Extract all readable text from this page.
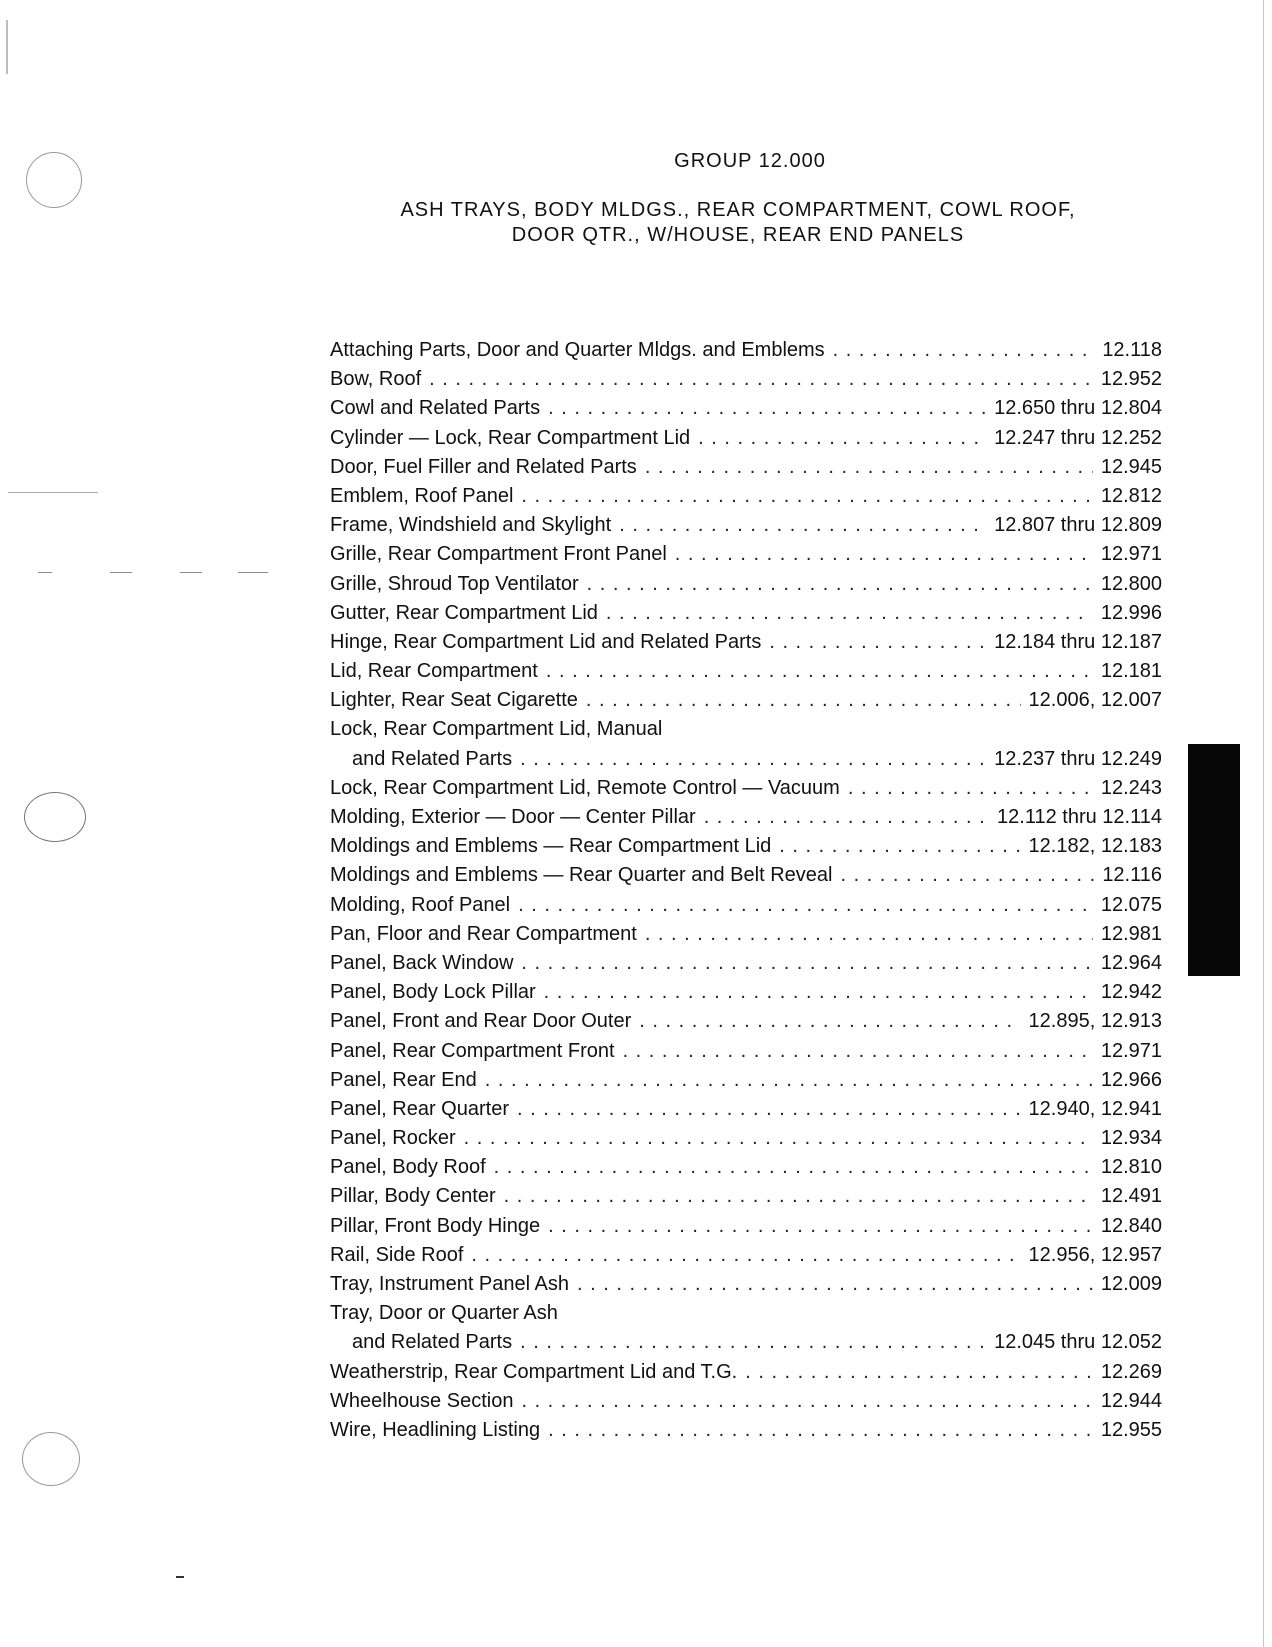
GROUP 12.000
ASH TRAYS, BODY MLDGS., REAR COMPARTMENT, COWL ROOF,
DOOR QTR., W/HOUSE, REAR END PANELS
Attaching Parts, Door and Quarter Mldgs. and Emblems . . .	12.118
Bow, Roof . . .	12.952
Cowl and Related Parts . . .	12.650 thru 12.804
Cylinder — Lock, Rear Compartment Lid . . .	12.247 thru 12.252
Door, Fuel Filler and Related Parts . . .	12.945
Emblem, Roof Panel . . .	12.812
Frame, Windshield and Skylight . . .	12.807 thru 12.809
Grille, Rear Compartment Front Panel . . .	12.971
Grille, Shroud Top Ventilator . . .	12.800
Gutter, Rear Compartment Lid . . .	12.996
Hinge, Rear Compartment Lid and Related Parts . . .	12.184 thru 12.187
Lid, Rear Compartment . . .	12.181
Lighter, Rear Seat Cigarette . . .	12.006, 12.007
Lock, Rear Compartment Lid, Manual
and Related Parts . . .	12.237 thru 12.249
Lock, Rear Compartment Lid, Remote Control — Vacuum . . .	12.243
Molding, Exterior — Door — Center Pillar . . .	12.112 thru 12.114
Moldings and Emblems — Rear Compartment Lid . . .	12.182, 12.183
Moldings and Emblems — Rear Quarter and Belt Reveal . . .	12.116
Molding, Roof Panel . . .	12.075
Pan, Floor and Rear Compartment . . .	12.981
Panel, Back Window . . .	12.964
Panel, Body Lock Pillar . . .	12.942
Panel, Front and Rear Door Outer . . .	12.895, 12.913
Panel, Rear Compartment Front . . .	12.971
Panel, Rear End . . .	12.966
Panel, Rear Quarter . . .	12.940, 12.941
Panel, Rocker . . .	12.934
Panel, Body Roof . . .	12.810
Pillar, Body Center . . .	12.491
Pillar, Front Body Hinge . . .	12.840
Rail, Side Roof . . .	12.956, 12.957
Tray, Instrument Panel Ash . . .	12.009
Tray, Door or Quarter Ash
and Related Parts . . .	12.045 thru 12.052
Weatherstrip, Rear Compartment Lid and T.G. . . .	12.269
Wheelhouse Section . . .	12.944
Wire, Headlining Listing . . .	12.955
